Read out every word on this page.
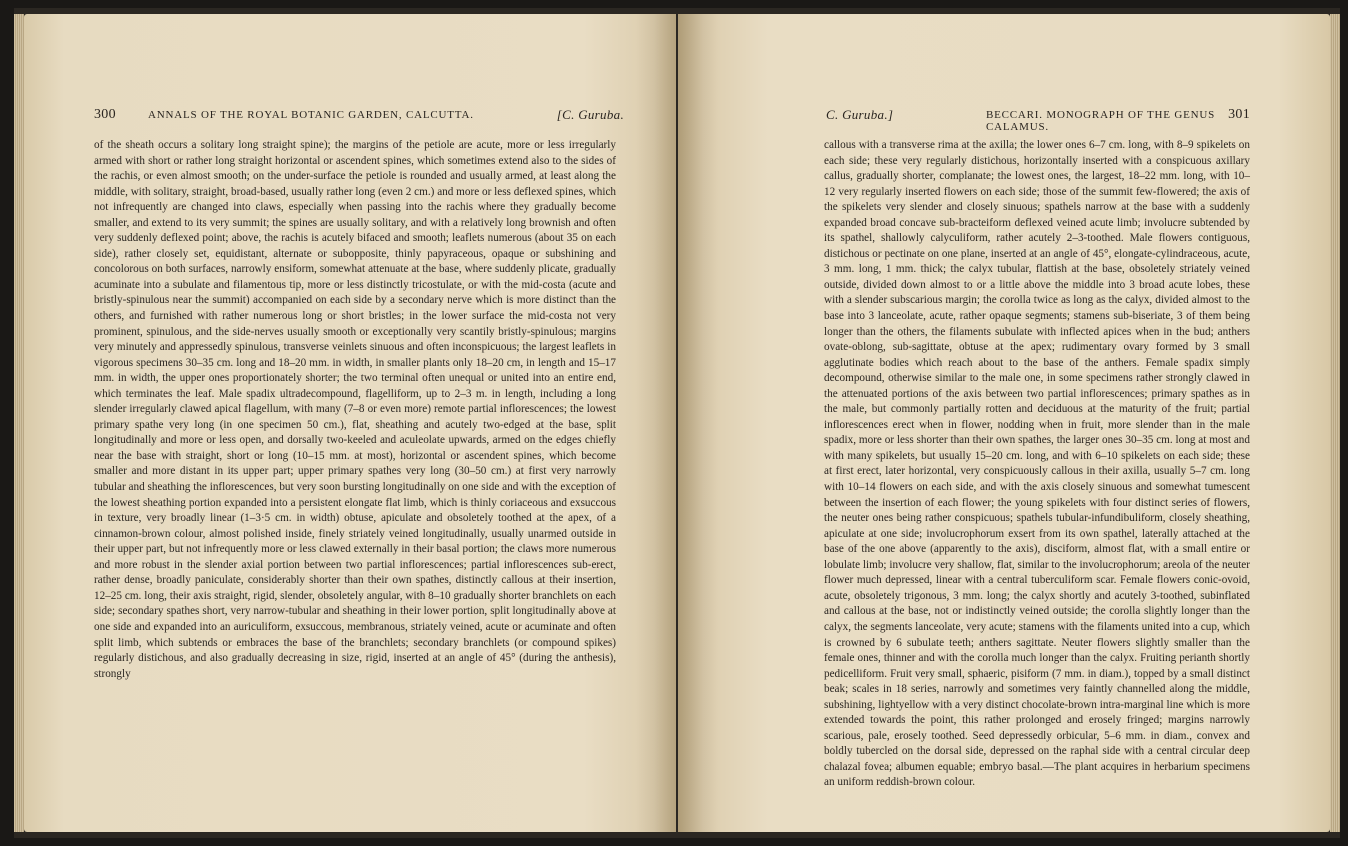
300	ANNALS OF THE ROYAL BOTANIC GARDEN, CALCUTTA.	[C. Guruba.

of the sheath occurs a solitary long straight spine); the margins of the petiole are acute, more or less irregularly armed with short or rather long straight horizontal or ascendent spines, which sometimes extend also to the sides of the rachis, or even almost smooth; on the under-surface the petiole is rounded and usually armed, at least along the middle, with solitary, straight, broad-based, usually rather long (even 2 cm.) and more or less deflexed spines, which not infrequently are changed into claws, especially when passing into the rachis where they gradually become smaller, and extend to its very summit; the spines are usually solitary, and with a relatively long brownish and often very suddenly deflexed point; above, the rachis is acutely bifaced and smooth; leaflets numerous (about 35 on each side), rather closely set, equidistant, alternate or subopposite, thinly papyraceous, opaque or subshining and concolorous on both surfaces, narrowly ensiform, somewhat attenuate at the base, where suddenly plicate, gradually acuminate into a subulate and filamentous tip, more or less distinctly tricostulate, or with the mid-costa (acute and bristly-spinulous near the summit) accompanied on each side by a secondary nerve which is more distinct than the others, and furnished with rather numerous long or short bristles; in the lower surface the mid-costa not very prominent, spinulous, and the side-nerves usually smooth or exceptionally very scantily bristly-spinulous; margins very minutely and appressedly spinulous, transverse veinlets sinuous and often inconspicuous; the largest leaflets in vigorous specimens 30–35 cm. long and 18–20 mm. in width, in smaller plants only 18–20 cm, in length and 15–17 mm. in width, the upper ones proportionately shorter; the two terminal often unequal or united into an entire end, which terminates the leaf. Male spadix ultradecompound, flagelliform, up to 2–3 m. in length, including a long slender irregularly clawed apical flagellum, with many (7–8 or even more) remote partial inflorescences; the lowest primary spathe very long (in one specimen 50 cm.), flat, sheathing and acutely two-edged at the base, split longitudinally and more or less open, and dorsally two-keeled and aculeolate upwards, armed on the edges chiefly near the base with straight, short or long (10–15 mm. at most), horizontal or ascendent spines, which become smaller and more distant in its upper part; upper primary spathes very long (30–50 cm.) at first very narrowly tubular and sheathing the inflorescences, but very soon bursting longitudinally on one side and with the exception of the lowest sheathing portion expanded into a persistent elongate flat limb, which is thinly coriaceous and exsuccous in texture, very broadly linear (1–3·5 cm. in width) obtuse, apiculate and obsoletely toothed at the apex, of a cinnamon-brown colour, almost polished inside, finely striately veined longitudinally, usually unarmed outside in their upper part, but not infrequently more or less clawed externally in their basal portion; the claws more numerous and more robust in the slender axial portion between two partial inflorescences; partial inflorescences sub-erect, rather dense, broadly paniculate, considerably shorter than their own spathes, distinctly callous at their insertion, 12–25 cm. long, their axis straight, rigid, slender, obsoletely angular, with 8–10 gradually shorter branchlets on each side; secondary spathes short, very narrow-tubular and sheathing in their lower portion, split longitudinally above at one side and expanded into an auriculiform, exsuccous, membranous, striately veined, acute or acuminate and often split limb, which subtends or embraces the base of the branchlets; secondary branchlets (or compound spikes) regularly distichous, and also gradually decreasing in size, rigid, inserted at an angle of 45° (during the anthesis), strongly

C. Guruba.]	BECCARI. MONOGRAPH OF THE GENUS CALAMUS.
301

callous with a transverse rima at the axilla; the lower ones 6–7 cm. long, with 8–9 spikelets on each side; these very regularly distichous, horizontally inserted with a conspicuous axillary callus, gradually shorter, complanate; the lowest ones, the largest, 18–22 mm. long, with 10–12 very regularly inserted flowers on each side; those of the summit few-flowered; the axis of the spikelets very slender and closely sinuous; spathels narrow at the base with a suddenly expanded broad concave sub-bracteiform deflexed veined acute limb; involucre subtended by its spathel, shallowly calyculiform, rather acutely 2–3-toothed. Male flowers contiguous, distichous or pectinate on one plane, inserted at an angle of 45°, elongate-cylindraceous, acute, 3 mm. long, 1 mm. thick; the calyx tubular, flattish at the base, obsoletely striately veined outside, divided down almost to or a little above the middle into 3 broad acute lobes, these with a slender subscarious margin; the corolla twice as long as the calyx, divided almost to the base into 3 lanceolate, acute, rather opaque segments; stamens sub-biseriate, 3 of them being longer than the others, the filaments subulate with inflected apices when in the bud; anthers ovate-oblong, sub-sagittate, obtuse at the apex; rudimentary ovary formed by 3 small agglutinate bodies which reach about to the base of the anthers. Female spadix simply decompound, otherwise similar to the male one, in some specimens rather strongly clawed in the attenuated portions of the axis between two partial inflorescences; primary spathes as in the male, but commonly partially rotten and deciduous at the maturity of the fruit; partial inflorescences erect when in flower, nodding when in fruit, more slender than in the male spadix, more or less shorter than their own spathes, the larger ones 30–35 cm. long at most and with many spikelets, but usually 15–20 cm. long, and with 6–10 spikelets on each side; these at first erect, later horizontal, very conspicuously callous in their axilla, usually 5–7 cm. long with 10–14 flowers on each side, and with the axis closely sinuous and somewhat tumescent between the insertion of each flower; the young spikelets with four distinct series of flowers, the neuter ones being rather conspicuous; spathels tubular-infundibuliform, closely sheathing, apiculate at one side; involucrophorum exsert from its own spathel, laterally attached at the base of the one above (apparently to the axis), disciform, almost flat, with a small entire or lobulate limb; involucre very shallow, flat, similar to the involucrophorum; areola of the neuter flower much depressed, linear with a central tuberculiform scar. Female flowers conic-ovoid, acute, obsoletely trigonous, 3 mm. long; the calyx shortly and acutely 3-toothed, subinflated and callous at the base, not or indistinctly veined outside; the corolla slightly longer than the calyx, the segments lanceolate, very acute; stamens with the filaments united into a cup, which is crowned by 6 subulate teeth; anthers sagittate. Neuter flowers slightly smaller than the female ones, thinner and with the corolla much longer than the calyx. Fruiting perianth shortly pedicelliform. Fruit very small, sphaeric, pisiform (7 mm. in diam.), topped by a small distinct beak; scales in 18 series, narrowly and sometimes very faintly channelled along the middle, subshining, lightyellow with a very distinct chocolate-brown intra-marginal line which is more extended towards the point, this rather prolonged and erosely fringed; margins narrowly scarious, pale, erosely toothed. Seed depressedly orbicular, 5–6 mm. in diam., convex and boldly tubercled on the dorsal side, depressed on the raphal side with a central circular deep chalazal fovea; albumen equable; embryo basal.—The plant acquires in herbarium specimens an uniform reddish-brown colour.
